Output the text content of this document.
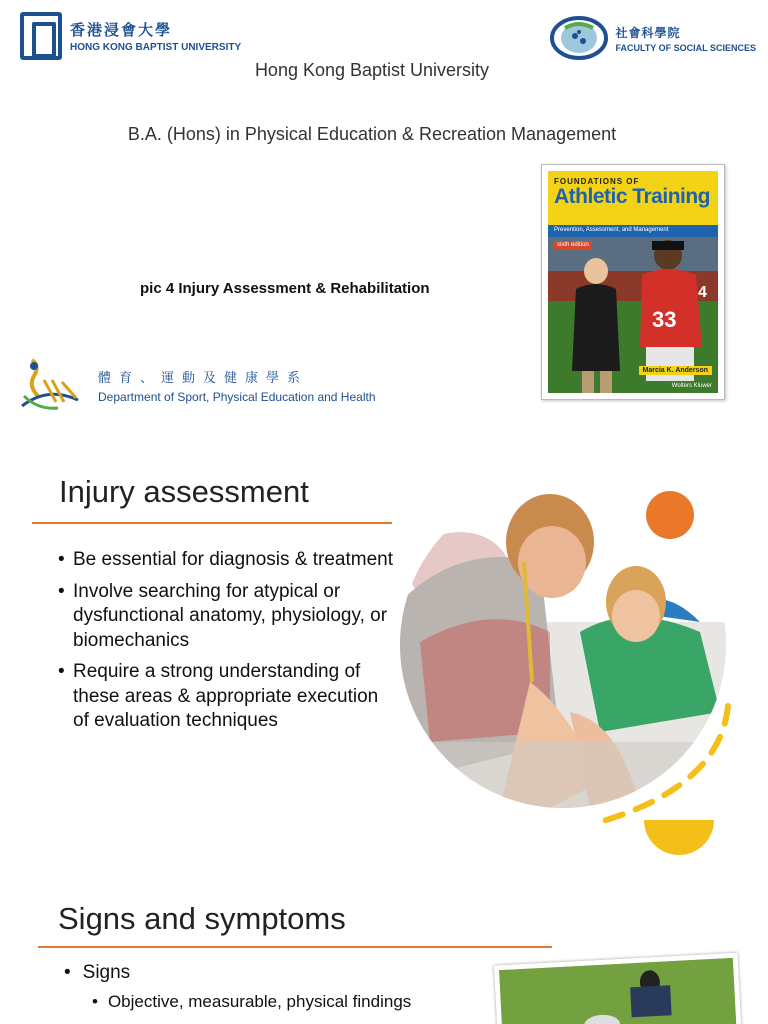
香港浸會大學
HONG KONG BAPTIST UNIVERSITY
社會科學院
FACULTY OF SOCIAL SCIENCES
Hong Kong Baptist University
B.A. (Hons) in Physical Education & Recreation Management
pic 4 Injury Assessment & Rehabilitation
體育、運動及健康學系
Department of Sport, Physical Education and Health
33
4
FOUNDATIONS OF
Athletic Training
Prevention, Assessment, and Management
sixth edition
Marcia K. Anderson
Wolters Kluwer
Injury assessment
• Be essential for diagnosis & treatment
• Involve searching for atypical or dysfunctional anatomy, physiology, or biomechanics
• Require a strong understanding of these areas & appropriate execution of evaluation techniques
Signs and symptoms
• Signs
• Objective, measurable, physical findings
